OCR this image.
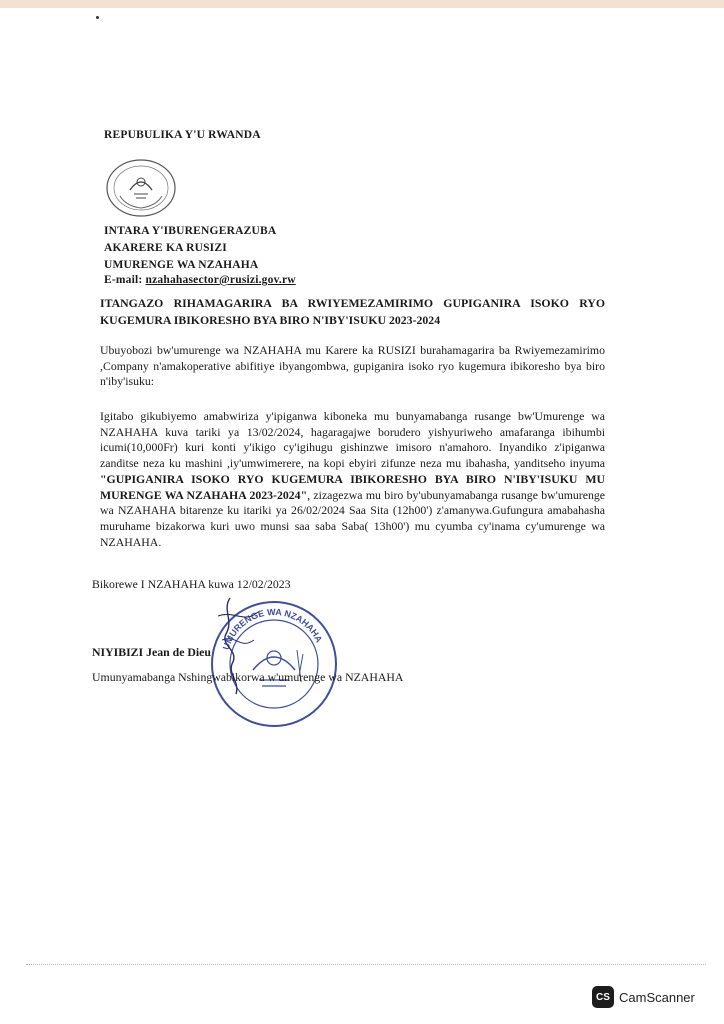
REPUBULIKA Y'U RWANDA
INTARA Y'IBURENGERAZUBA
AKARERE KA RUSIZI
UMURENGE WA NZAHAHA
E-mail: nzahahasector@rusizi.gov.rw
ITANGAZO RIHAMAGARIRA BA RWIYEMEZAMIRIMO GUPIGANIRA ISOKO RYO KUGEMURA IBIKORESHO BYA BIRO N'IBY'ISUKU 2023-2024
Ubuyobozi bw'umurenge wa NZAHAHA mu Karere ka RUSIZI burahamagarira ba Rwiyemezamirimo ,Company n'amakoperative abifitiye ibyangombwa, gupiganira isoko ryo kugemura ibikoresho bya biro n'iby'isuku:
Igitabo gikubiyemo amabwiriza y'ipiganwa kiboneka mu bunyamabanga rusange bw'Umurenge wa NZAHAHA kuva tariki ya 13/02/2024, hagaragajwe borudero yishyuriweho amafaranga ibihumbi icumi(10,000Fr) kuri konti y'ikigo cy'igihugu gishinzwe imisoro n'amahoro. Inyandiko z'ipiganwa zanditse neza ku mashini ,iy'umwimerere, na kopi ebyiri zifunze neza mu ibahasha, yanditseho inyuma "GUPIGANIRA ISOKO RYO KUGEMURA IBIKORESHO BYA BIRO N'IBY'ISUKU MU MURENGE WA NZAHAHA 2023-2024", zizagezwa mu biro by'ubunyamabanga rusange bw'umurenge wa NZAHAHA bitarenze ku itariki ya 26/02/2024 Saa Sita (12h00') z'amanywa.Gufungura amabahasha muruhame bizakorwa kuri uwo munsi saa saba Saba( 13h00') mu cyumba cy'inama cy'umurenge wa NZAHAHA.
Bikorewe I NZAHAHA kuwa 12/02/2023
UMURENGE WA NZAHAHA
NIYIBIZI Jean de Dieu
Umunyamabanga Nshingwabikorwa w'umurenge wa NZAHAHA
CS CamScanner
